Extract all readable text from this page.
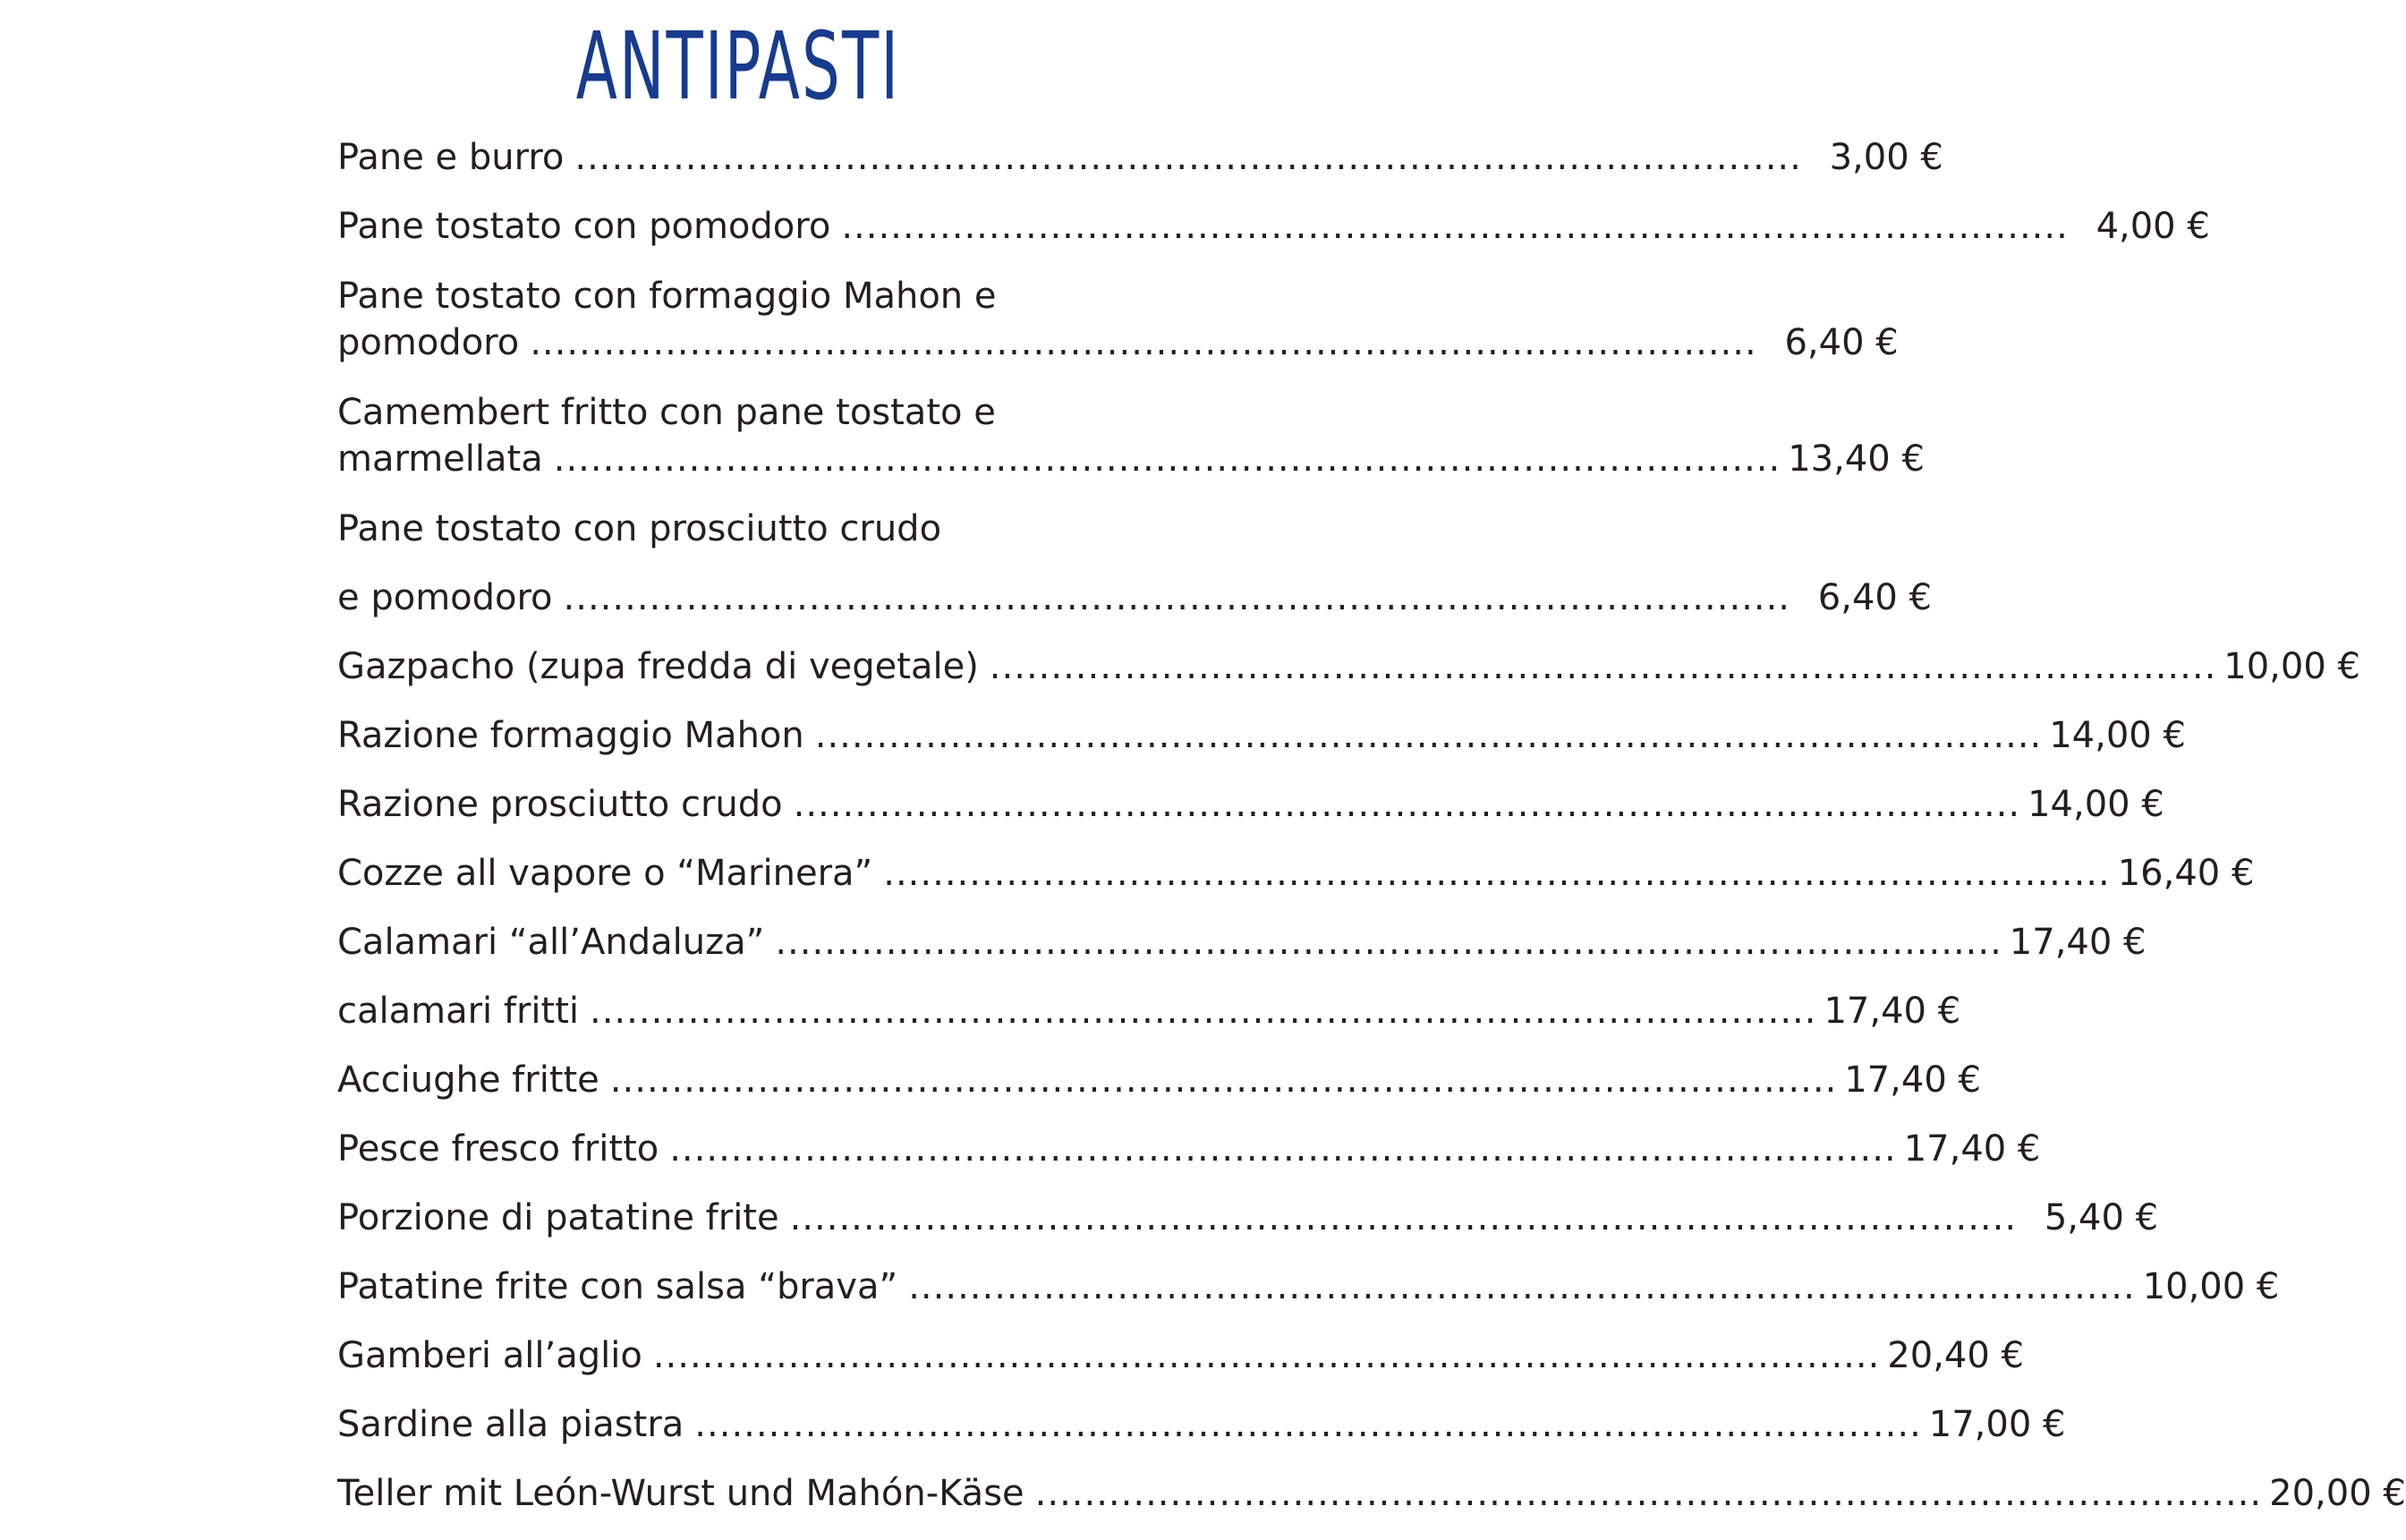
ANTIPASTI
Pane e burro .................................................................................................... 3,00 €
Pane tostato con pomodoro .................................................................................................... 4,00 €
Pane tostato con formaggio Mahon e
pomodoro .................................................................................................... 6,40 €
Camembert fritto con pane tostato e
marmellata .................................................................................................... 13,40 €
Pane tostato con prosciutto crudo
e pomodoro .................................................................................................... 6,40 €
Gazpacho (zupa fredda di vegetale) .................................................................................................... 10,00 €
Razione formaggio Mahon .................................................................................................... 14,00 €
Razione prosciutto crudo .................................................................................................... 14,00 €
Cozze all vapore o “Marinera” .................................................................................................... 16,40 €
Calamari “all’Andaluza” .................................................................................................... 17,40 €
calamari fritti .................................................................................................... 17,40 €
Acciughe fritte .................................................................................................... 17,40 €
Pesce fresco fritto .................................................................................................... 17,40 €
Porzione di patatine frite .................................................................................................... 5,40 €
Patatine frite con salsa “brava” .................................................................................................... 10,00 €
Gamberi all’aglio .................................................................................................... 20,40 €
Sardine alla piastra .................................................................................................... 17,00 €
Teller mit León-Wurst und Mahón-Käse .................................................................................................... 20,00 €
